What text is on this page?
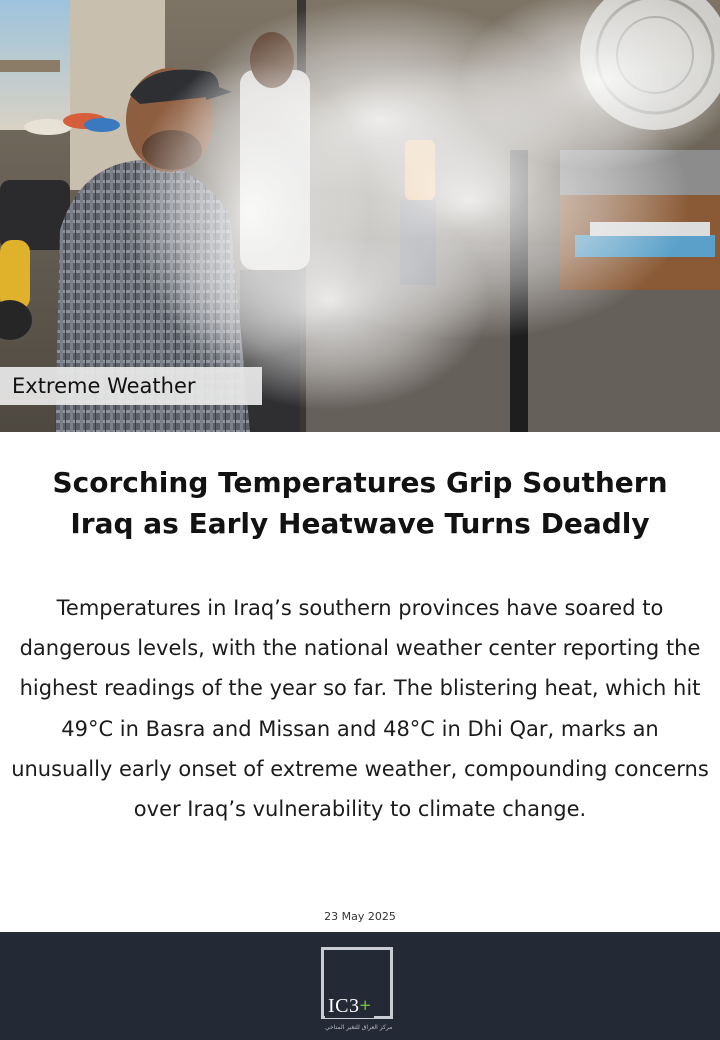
Extreme Weather
Scorching Temperatures Grip Southern Iraq as Early Heatwave Turns Deadly
Temperatures in Iraq’s southern provinces have soared to dangerous levels, with the national weather center reporting the highest readings of the year so far. The blistering heat, which hit 49°C in Basra and Missan and 48°C in Dhi Qar, marks an unusually early onset of extreme weather, compounding concerns over Iraq’s vulnerability to climate change.
23 May 2025
IC3+
مركز العراق للتغير المناخي
